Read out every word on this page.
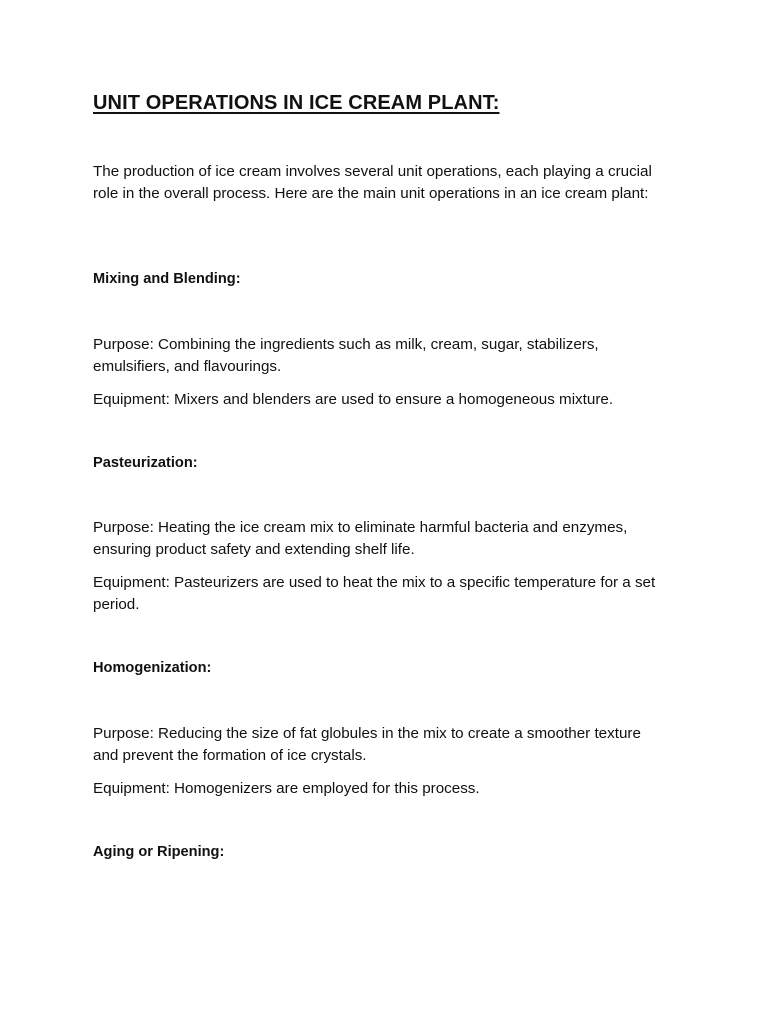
UNIT OPERATIONS IN ICE CREAM PLANT:

The production of ice cream involves several unit operations, each playing a crucial role in the overall process. Here are the main unit operations in an ice cream plant:

Mixing and Blending:

Purpose: Combining the ingredients such as milk, cream, sugar, stabilizers, emulsifiers, and flavourings.

Equipment: Mixers and blenders are used to ensure a homogeneous mixture.

Pasteurization:

Purpose: Heating the ice cream mix to eliminate harmful bacteria and enzymes, ensuring product safety and extending shelf life.

Equipment: Pasteurizers are used to heat the mix to a specific temperature for a set period.

Homogenization:

Purpose: Reducing the size of fat globules in the mix to create a smoother texture and prevent the formation of ice crystals.

Equipment: Homogenizers are employed for this process.

Aging or Ripening:
